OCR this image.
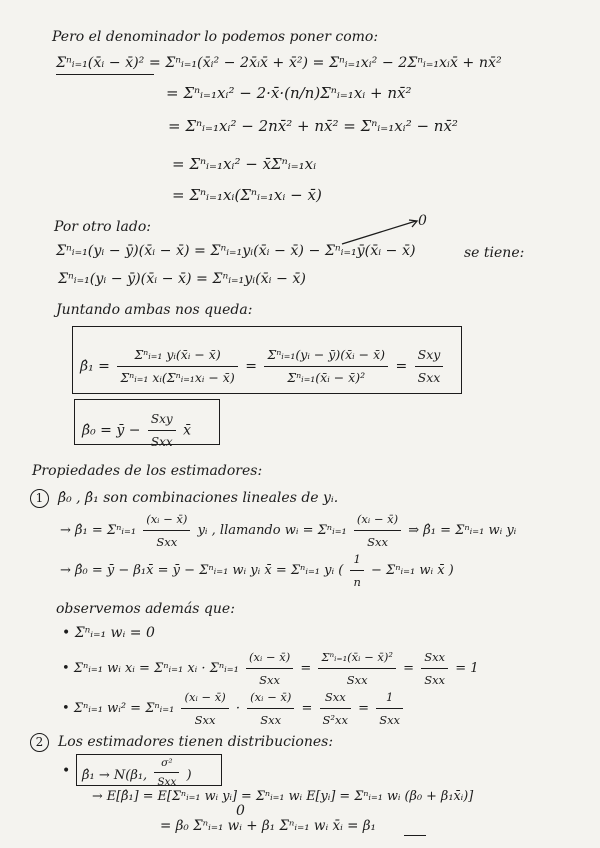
Pero el denominador lo podemos poner como:
Σⁿᵢ₌₁(x̄ᵢ − x̄)² = Σⁿᵢ₌₁(x̄ᵢ² − 2x̄ᵢx̄ + x̄²) = Σⁿᵢ₌₁xᵢ² − 2Σⁿᵢ₌₁xᵢx̄ + nx̄²
= Σⁿᵢ₌₁xᵢ² − 2·x̄·(n/n)Σⁿᵢ₌₁xᵢ + nx̄²
= Σⁿᵢ₌₁xᵢ² − 2nx̄² + nx̄² = Σⁿᵢ₌₁xᵢ² − nx̄²
= Σⁿᵢ₌₁xᵢ² − x̄Σⁿᵢ₌₁xᵢ
= Σⁿᵢ₌₁xᵢ(Σⁿᵢ₌₁xᵢ − x̄)
Por otro lado:	0
Σⁿᵢ₌₁(yᵢ − ȳ)(x̄ᵢ − x̄) = Σⁿᵢ₌₁yᵢ(x̄ᵢ − x̄) − Σⁿᵢ₌₁ȳ(x̄ᵢ − x̄)	se tiene:
Σⁿᵢ₌₁(yᵢ − ȳ)(x̄ᵢ − x̄) = Σⁿᵢ₌₁yᵢ(x̄ᵢ − x̄)
Juntando ambas nos queda:
β̂₁ = $\frac{\text{Σⁿᵢ₌₁ yᵢ(x̄ᵢ − x̄)}}{\text{Σⁿᵢ₌₁ xᵢ(Σⁿᵢ₌₁xᵢ − x̄)}} = \frac{\text{Σⁿᵢ₌₁(yᵢ − ȳ)(x̄ᵢ − x̄)}}{\text{Σⁿᵢ₌₁(x̄ᵢ − x̄)²}} = \frac{\text{Sxy}}{\text{Sxx}}$
β̂₀ = ȳ − $\frac{\text{Sxy}}{\text{Sxx}}$ x̄
Propiedades de los estimadores:
1	β̂₀ , β̂₁ son combinaciones lineales de yᵢ.
→ β̂₁ = Σⁿᵢ₌₁ $\frac{\text{(xᵢ − x̄)}}{\text{Sxx}}$ yᵢ , llamando wᵢ = Σⁿᵢ₌₁ $\frac{\text{(xᵢ − x̄)}}{\text{Sxx}}$ ⇒ β̂₁ = Σⁿᵢ₌₁ wᵢ yᵢ
→ β̂₀ = ȳ − β₁x̄ = ȳ − Σⁿᵢ₌₁ wᵢ yᵢ x̄ = Σⁿᵢ₌₁ yᵢ ( $\frac{1}{n}$ − Σⁿᵢ₌₁ wᵢ x̄ )
observemos además que:
• Σⁿᵢ₌₁ wᵢ = 0
• Σⁿᵢ₌₁ wᵢ xᵢ = Σⁿᵢ₌₁ xᵢ · Σⁿᵢ₌₁ $\frac{\text{(xᵢ − x̄)}}{\text{Sxx}} = \frac{\text{Σⁿᵢ₌₁(x̄ᵢ − x̄)²}}{\text{Sxx}} = \frac{\text{Sxx}}{\text{Sxx}} = 1$
• Σⁿᵢ₌₁ wᵢ² = Σⁿᵢ₌₁ $\frac{\text{(xᵢ − x̄)}}{\text{Sxx}} \cdot \frac{\text{(xᵢ − x̄)}}{\text{Sxx}} = \frac{\text{Sxx}}{\text{S²xx}} = \frac{1}{\text{Sxx}}$
2	Los estimadores tienen distribuciones:
• β̂₁ → N(β₁, $\frac{\text{σ²}}{\text{Sxx}}$ )
→ E[β̂₁] = E[Σⁿᵢ₌₁ wᵢ yᵢ] = Σⁿᵢ₌₁ wᵢ E[yᵢ] = Σⁿᵢ₌₁ wᵢ (β₀ + β₁x̄ᵢ)]
0
= β₀ Σⁿᵢ₌₁ wᵢ + β₁ Σⁿᵢ₌₁ wᵢ x̄ᵢ = β₁
